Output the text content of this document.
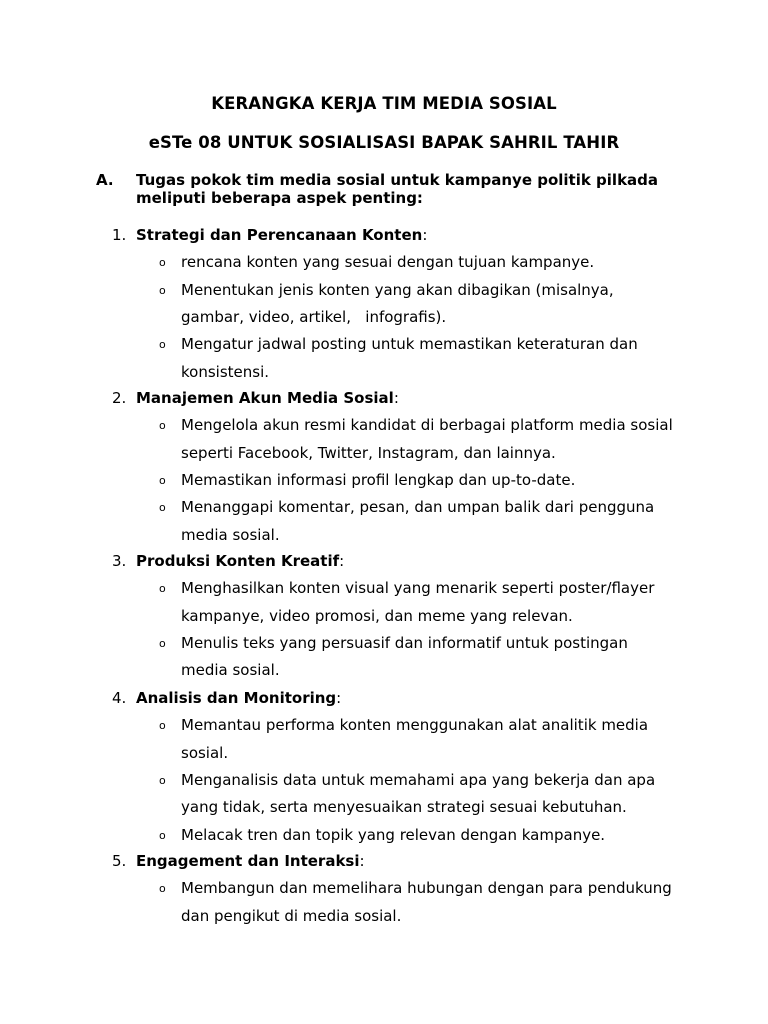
KERANGKA KERJA TIM MEDIA SOSIAL
eSTe 08 UNTUK SOSIALISASI BAPAK SAHRIL TAHIR
A. Tugas pokok tim media sosial untuk kampanye politik pilkada meliputi beberapa aspek penting:
1. Strategi dan Perencanaan Konten:
o rencana konten yang sesuai dengan tujuan kampanye.
o Menentukan jenis konten yang akan dibagikan (misalnya,
gambar, video, artikel,   infografis).
o Mengatur jadwal posting untuk memastikan keteraturan dan
konsistensi.
2. Manajemen Akun Media Sosial:
o Mengelola akun resmi kandidat di berbagai platform media sosial
seperti Facebook, Twitter, Instagram, dan lainnya.
o Memastikan informasi profil lengkap dan up-to-date.
o Menanggapi komentar, pesan, dan umpan balik dari pengguna
media sosial.
3. Produksi Konten Kreatif:
o Menghasilkan konten visual yang menarik seperti poster/flayer
kampanye, video promosi, dan meme yang relevan.
o Menulis teks yang persuasif dan informatif untuk postingan
media sosial.
4. Analisis dan Monitoring:
o Memantau performa konten menggunakan alat analitik media
sosial.
o Menganalisis data untuk memahami apa yang bekerja dan apa
yang tidak, serta menyesuaikan strategi sesuai kebutuhan.
o Melacak tren dan topik yang relevan dengan kampanye.
5. Engagement dan Interaksi:
o Membangun dan memelihara hubungan dengan para pendukung
dan pengikut di media sosial.
